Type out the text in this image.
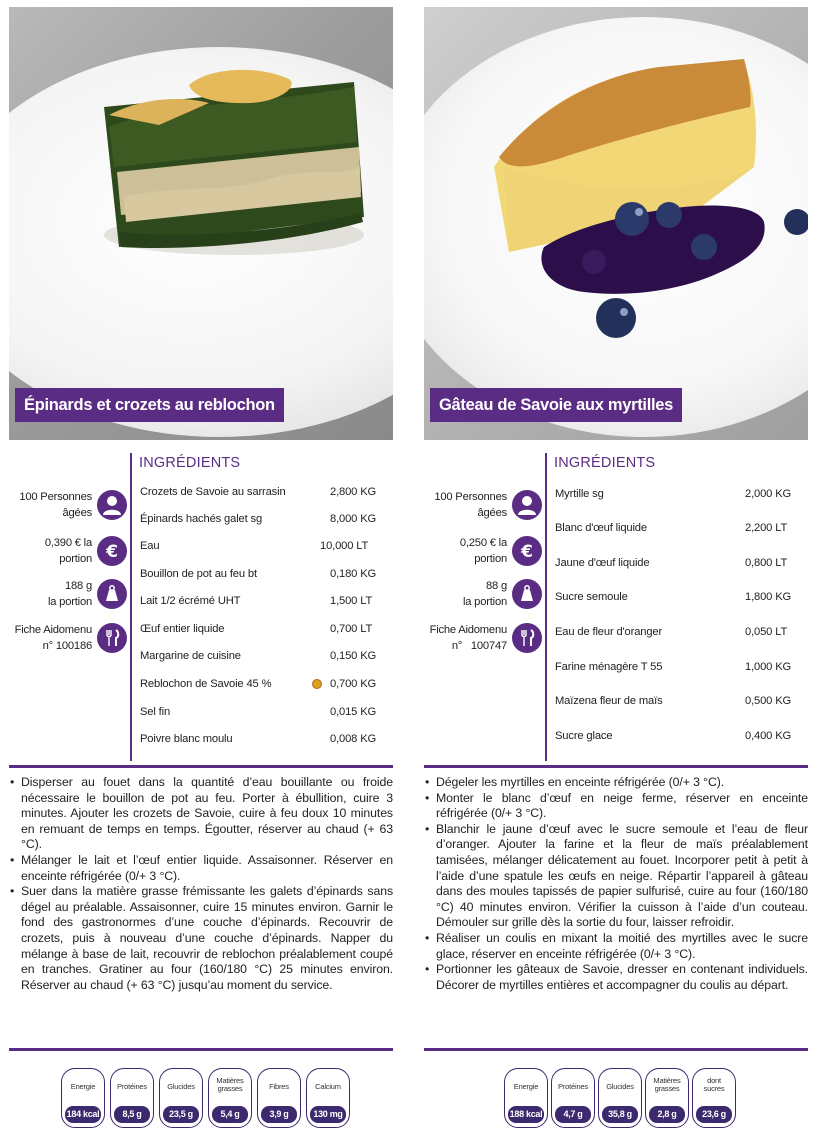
Épinards et crozets au reblochon
INGRÉDIENTS
100 Personnes
âgées
0,390 € la
portion €
188 g
la portion
Fiche Aidomenu
n° 100186
Crozets de Savoie au sarrasin	2,800 KG
Épinards hachés galet sg	8,000 KG
Eau	10,000 LT
Bouillon de pot au feu bt	0,180 KG
Lait 1/2 écrémé UHT	1,500 LT
Œuf entier liquide	0,700 LT
Margarine de cuisine	0,150 KG
Reblochon de Savoie 45 %	0,700 KG
Sel fin	0,015 KG
Poivre blanc moulu	0,008 KG
• Disperser au fouet dans la quantité d’eau bouillante ou froide nécessaire le bouillon de pot au feu. Porter à ébullition, cuire 3 minutes. Ajouter les crozets de Savoie, cuire à feu doux 10 minutes en remuant de temps en temps. Égoutter, réserver au chaud (+ 63 °C).
• Mélanger le lait et l’œuf entier liquide. Assaisonner. Réserver en enceinte réfrigérée (0/+ 3 °C).
• Suer dans la matière grasse frémissante les galets d’épinards sans dégel au préalable. Assaisonner, cuire 15 minutes environ. Garnir le fond des gastronormes d’une couche d’épinards. Recouvrir de crozets, puis à nouveau d’une couche d’épinards. Napper du mélange à base de lait, recouvrir de reblochon préalablement coupé en tranches. Gratiner au four (160/180 °C) 25 minutes environ. Réserver au chaud (+ 63 °C) jusqu’au moment du service.
Energie
184 kcal
Protéines
8,5 g
Glucides
23,5 g
Matières
grasses
5,4 g
Fibres
3,9 g
Calcium
130 mg
Gâteau de Savoie aux myrtilles
INGRÉDIENTS
100 Personnes
âgées
0,250 € la
portion €
88 g
la portion
Fiche Aidomenu
n°   100747
Myrtille sg	2,000 KG
Blanc d'œuf liquide	2,200 LT
Jaune d'œuf liquide	0,800 LT
Sucre semoule	1,800 KG
Eau de fleur d'oranger	0,050 LT
Farine ménagère T 55	1,000 KG
Maïzena fleur de maïs	0,500 KG
Sucre glace	0,400 KG
• Dégeler les myrtilles en enceinte réfrigérée (0/+ 3 °C).
• Monter le blanc d’œuf en neige ferme, réserver en enceinte réfrigérée (0/+ 3 °C).
• Blanchir le jaune d’œuf avec le sucre semoule et l’eau de fleur d’oranger. Ajouter la farine et la fleur de maïs préalablement tamisées, mélanger délicatement au fouet. Incorporer petit à petit à l’aide d’une spatule les œufs en neige. Répartir l’appareil à gâteau dans des moules tapissés de papier sulfurisé, cuire au four (160/180 °C) 40 minutes environ. Vérifier la cuisson à l’aide d’un couteau. Démouler sur grille dès la sortie du four, laisser refroidir.
• Réaliser un coulis en mixant la moitié des myrtilles avec le sucre glace, réserver en enceinte réfrigérée (0/+ 3 °C).
• Portionner les gâteaux de Savoie, dresser en contenant individuels. Décorer de myrtilles entières et accompagner du coulis au départ.
Energie
188 kcal
Protéines
4,7 g
Glucides
35,8 g
Matières
grasses
2,8 g
dont
sucres
23,6 g
